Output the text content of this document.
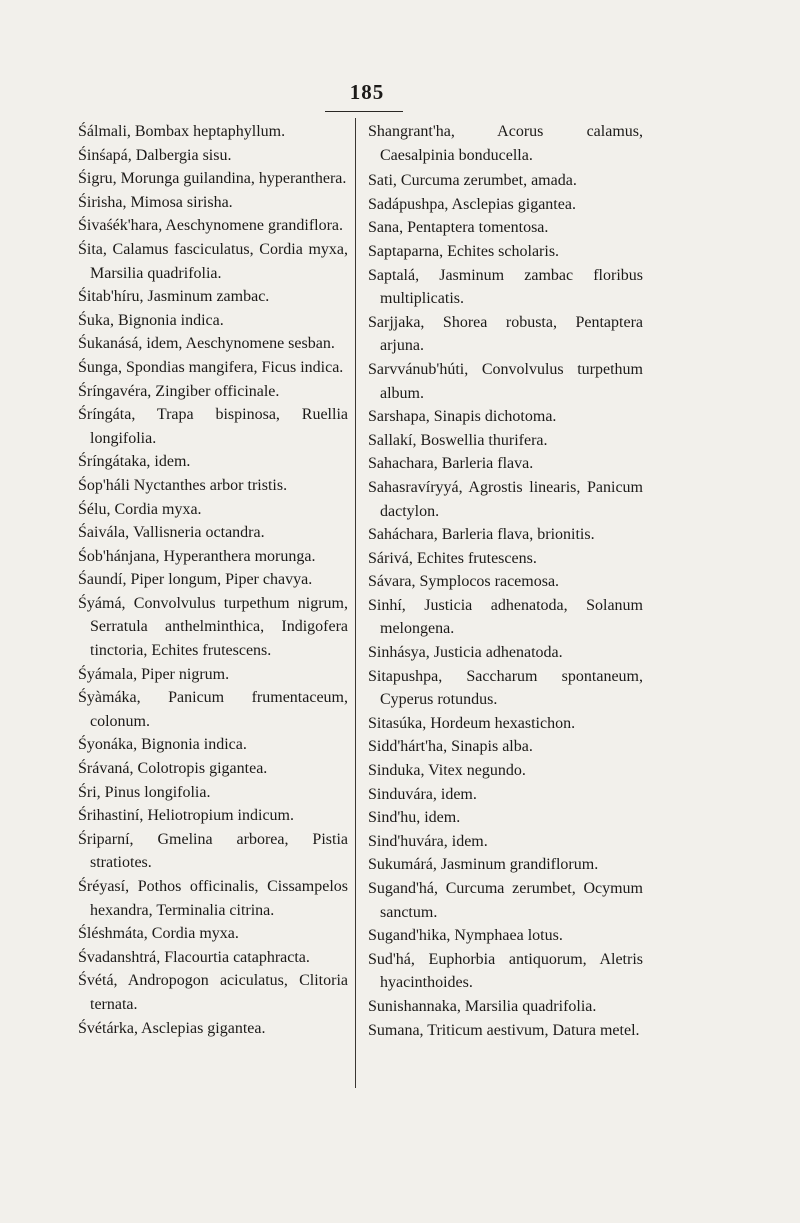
185

Śálmali, Bombax heptaphyllum.

Śinśapá, Dalbergia sisu.

Śigru, Morunga guilandina, hyperanthera.

Śirisha, Mimosa sirisha.

Śivaśék'hara, Aeschynomene grandiflora.

Śita, Calamus fasciculatus, Cordia myxa, Marsilia quadrifolia.

Śitab'híru, Jasminum zambac.

Śuka, Bignonia indica.

Śukanásá, idem, Aeschynomene sesban.

Śunga, Spondias mangifera, Ficus indica.

Śríngavéra, Zingiber officinale.

Śríngáta, Trapa bispinosa, Ruellia longifolia.

Śríngátaka, idem.

Śop'háli Nyctanthes arbor tristis.

Śélu, Cordia myxa.

Śaiválа, Vallisneria octandra.

Śob'hánjana, Hyperanthera morunga.

Śaundí, Piper longum, Piper chavya.

Śyámá, Convolvulus turpethum nigrum, Serratula anthelminthica, Indigofera tinctoria, Echites frutescens.

Śyámala, Piper nigrum.

Śyàmáka, Panicum frumentaceum, colonum.

Śyonáka, Bignonia indica.

Śrávaná, Colotropis gigantea.

Śri, Pinus longifolia.

Śrihastiní, Heliotropium indicum.

Śriparní, Gmelina arborea, Pistia stratiotes.

Śréyasí, Pothos officinalis, Cissampelos hexandra, Terminalia citrina.

Śléshmáta, Cordia myxa.

Śvadanshtrá, Flacourtia cataphracta.

Śvétá, Andropogon aciculatus, Clitoria ternata.

Śvétárka, Asclepias gigantea.

Shangrant'ha, Acorus calamus, Caesalpinia bonducella.

Sati, Curcuma zerumbet, amada.

Sadápushpa, Asclepias gigantea.

Sana, Pentaptera tomentosa.

Saptaparna, Echites scholaris.

Saptalá, Jasminum zambac floribus multiplicatis.

Sarjjaka, Shorea robusta, Pentaptera arjuna.

Sarvvánub'húti, Convolvulus turpethum album.

Sarshapa, Sinapis dichotoma.

Sallakí, Boswellia thurifera.

Sahachara, Barleria flava.

Sahasravíryyá, Agrostis linearis, Panicum dactylon.

Saháchara, Barleria flava, brionitis.

Sárivá, Echites frutescens.

Sávara, Symplocos racemosa.

Sinhí, Justicia adhenatoda, Solanum melongena.

Sinhásya, Justicia adhenatoda.

Sitapushpa, Saccharum spontaneum, Cyperus rotundus.

Sitasúka, Hordeum hexastichon.

Sidd'hárt'ha, Sinapis alba.

Sinduka, Vitex negundo.

Sinduvára, idem.

Sind'hu, idem.

Sind'huvára, idem.

Sukumárá, Jasminum grandiflorum.

Sugand'há, Curcuma zerumbet, Ocymum sanctum.

Sugand'hika, Nymphaea lotus.

Sud'há, Euphorbia antiquorum, Aletris hyacinthoides.

Sunishannaka, Marsilia quadrifolia.

Sumana, Triticum aestivum, Datura metel.
